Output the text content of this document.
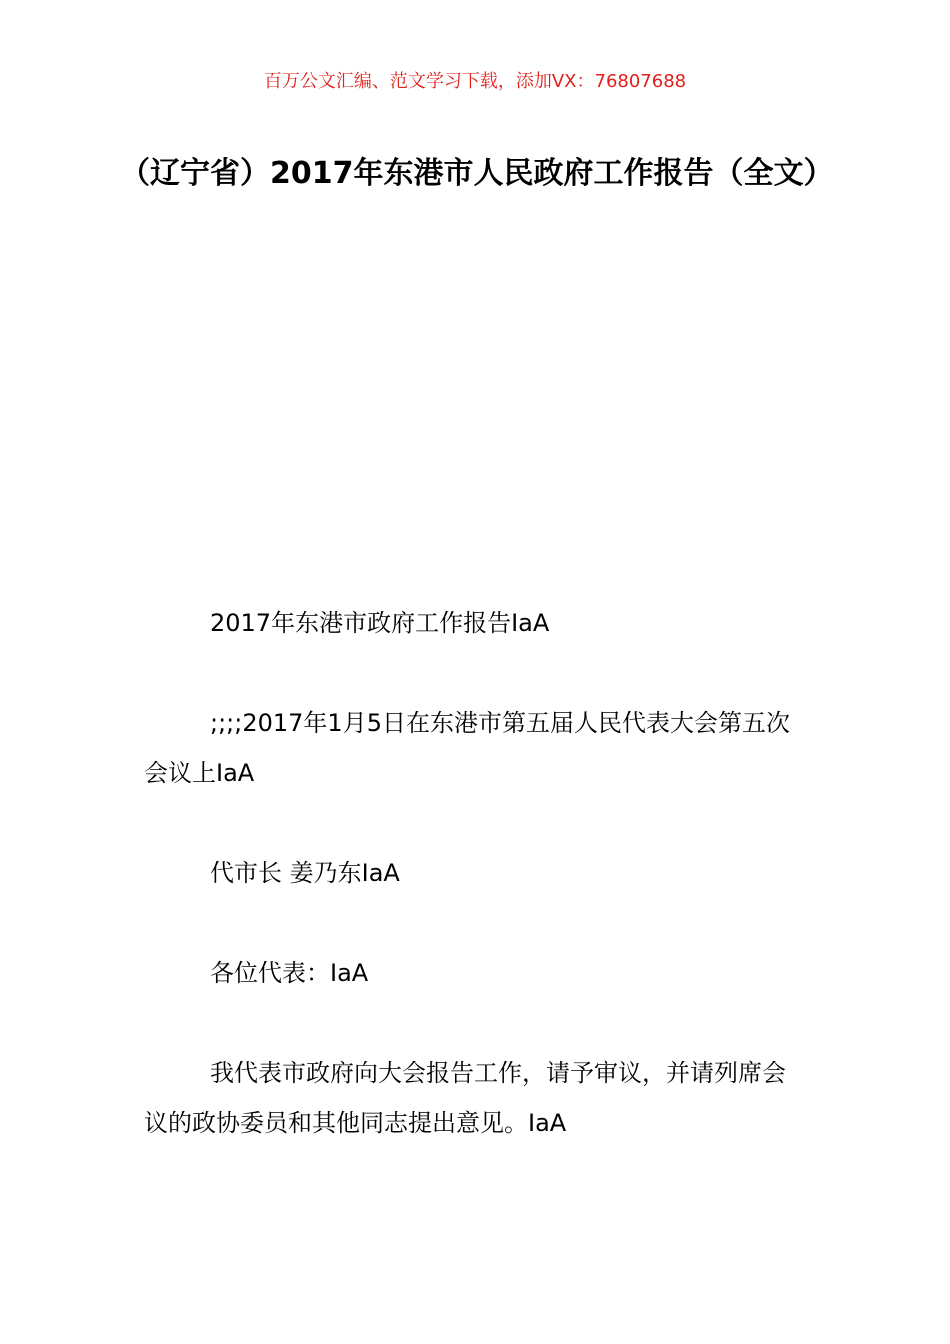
百万公文汇编、范文学习下载，添加VX：76807688
（辽宁省）2017年东港市人民政府工作报告（全文）

2017年东港市政府工作报告IaA

;;;;2017年1月5日在东港市第五届人民代表大会第五次会议上IaA

代市长 姜乃东IaA

各位代表：IaA

我代表市政府向大会报告工作，请予审议，并请列席会议的政协委员和其他同志提出意见。IaA
